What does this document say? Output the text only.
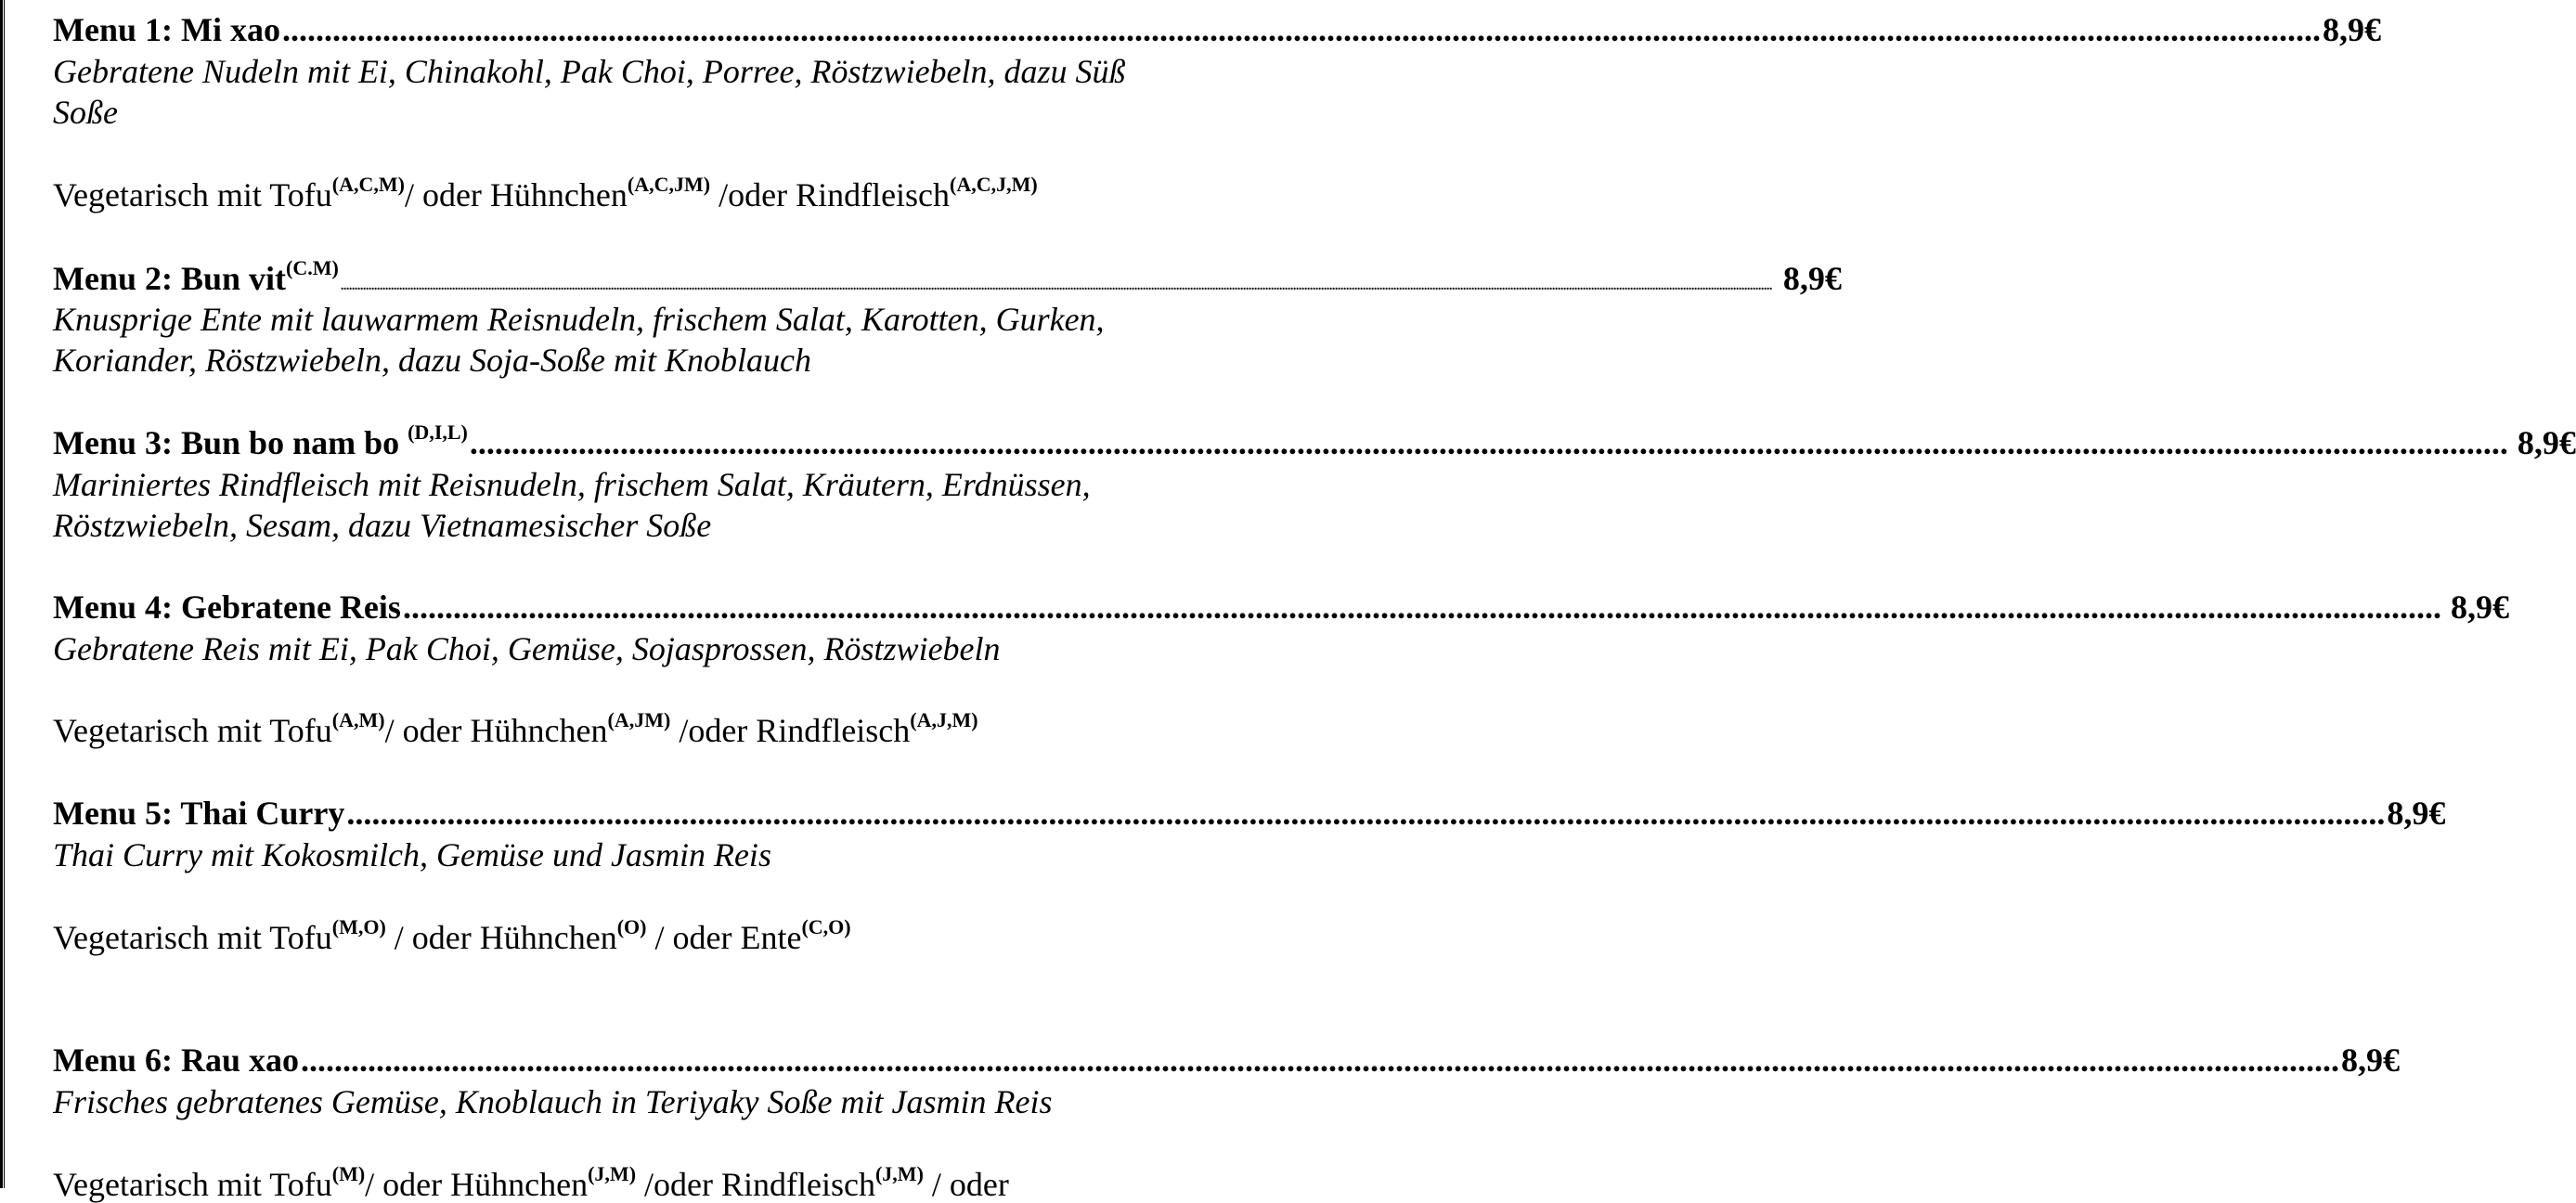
Menu 1: Mi xao .................................................................................................................................................................................................................................................... 8,9€
Gebratene Nudeln mit Ei, Chinakohl, Pak Choi, Porree, Röstzwiebeln, dazu Süß
Soße
Vegetarisch mit Tofu$^{(A,C,M)}$/ oder Hühnchen$^{(A,C,JM)}$ /oder Rindfleisch$^{(A,C,J,M)}$
Menu 2: Bun vit$^{(C.M)}$
.................................................................................................................................................................................................................................................................................................................................................................................................................................................................................................................................. 8,9€
Knusprige Ente mit lauwarmem Reisnudeln, frischem Salat, Karotten, Gurken,
Koriander, Röstzwiebeln, dazu Soja-Soße mit Knoblauch
Menu 3: Bun bo nam bo $^{(D,I,L)}$ .................................................................................................................................................................................................................................................... 8,9€
Mariniertes Rindfleisch mit Reisnudeln, frischem Salat, Kräutern, Erdnüssen,
Röstzwiebeln, Sesam, dazu Vietnamesischer Soße
Menu 4: Gebratene Reis .................................................................................................................................................................................................................................................... 8,9€
Gebratene Reis mit Ei, Pak Choi, Gemüse, Sojasprossen, Röstzwiebeln
Vegetarisch mit Tofu$^{(A,M)}$/ oder Hühnchen$^{(A,JM)}$ /oder Rindfleisch$^{(A,J,M)}$
Menu 5: Thai Curry .................................................................................................................................................................................................................................................... 8,9€
Thai Curry mit Kokosmilch, Gemüse und Jasmin Reis
Vegetarisch mit Tofu$^{(M,O)}$ / oder Hühnchen$^{(O)}$ / oder Ente$^{(C,O)}$
Menu 6: Rau xao .................................................................................................................................................................................................................................................... 8,9€
Frisches gebratenes Gemüse, Knoblauch in Teriyaky Soße mit Jasmin Reis
Vegetarisch mit Tofu$^{(M)}$/ oder Hühnchen$^{(J,M)}$ /oder Rindfleisch$^{(J,M)}$ / oder
